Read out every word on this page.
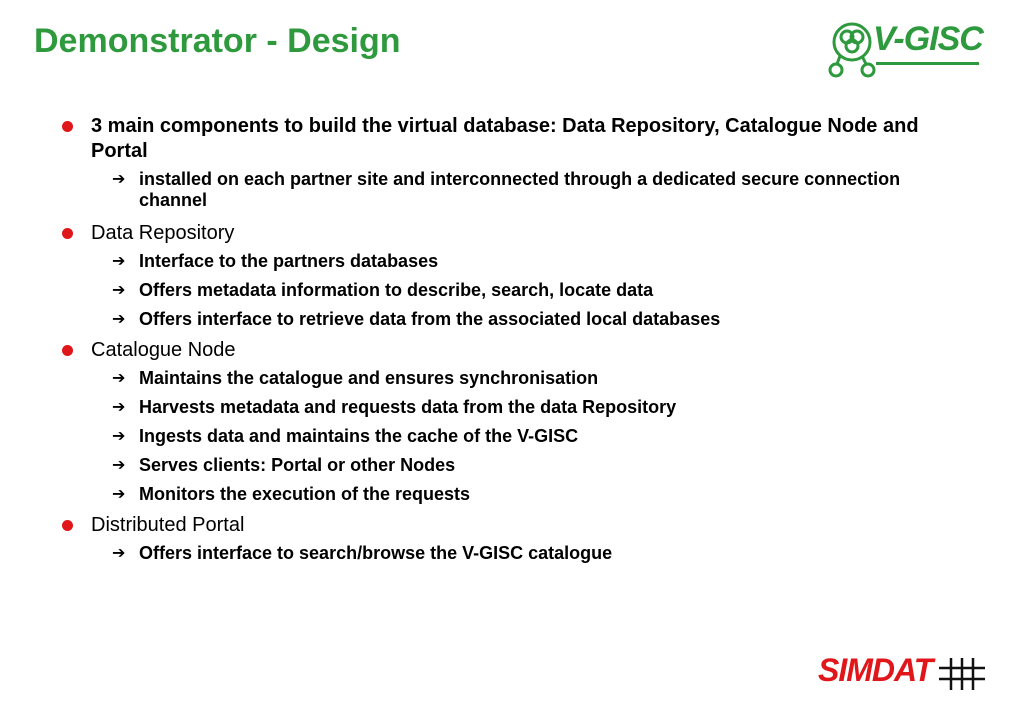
Demonstrator - Design	V-GISC
3 main components to build the virtual database: Data Repository, Catalogue Node and Portal
➔ installed on each partner site and interconnected through a dedicated secure connection channel
Data Repository
➔ Interface to the partners databases
➔ Offers metadata information to describe, search, locate data
➔ Offers interface to retrieve data from the associated local databases
Catalogue Node
➔ Maintains the catalogue and ensures synchronisation
➔ Harvests metadata and requests data from the data Repository
➔ Ingests data and maintains the cache of the V-GISC
➔ Serves clients: Portal or other Nodes
➔ Monitors the execution of the requests
Distributed Portal
➔ Offers interface to search/browse the V-GISC catalogue
SIMDAT
